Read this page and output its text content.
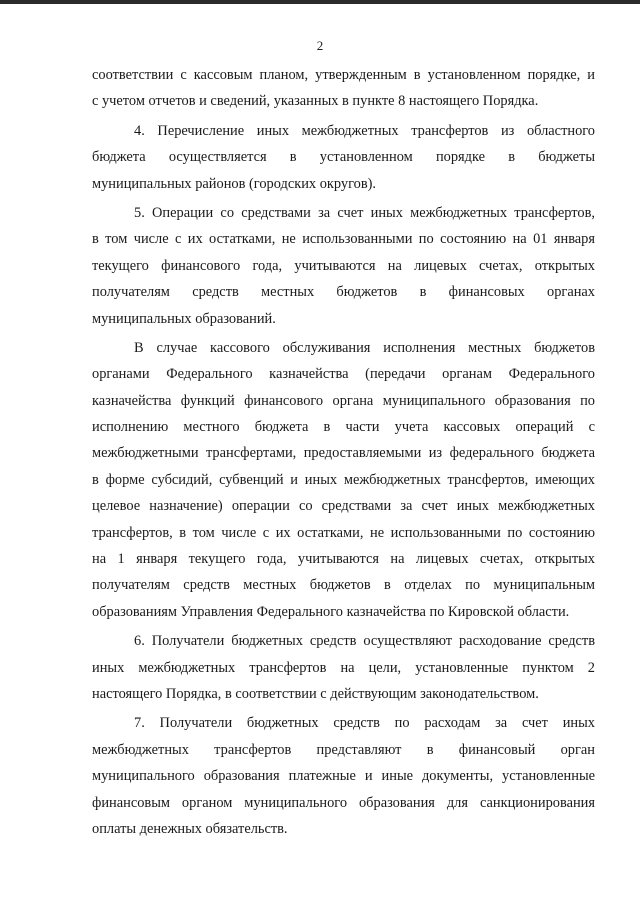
2
соответствии с кассовым планом, утвержденным в установленном порядке, и
с учетом отчетов и сведений, указанных в пункте 8 настоящего Порядка.
4. Перечисление иных межбюджетных трансфертов из областного
бюджета осуществляется в установленном порядке в бюджеты
муниципальных районов (городских округов).
5. Операции со средствами за счет иных межбюджетных трансфертов,
в том числе с их остатками, не использованными по состоянию на 01 января
текущего финансового года, учитываются на лицевых счетах, открытых
получателям средств местных бюджетов в финансовых органах
муниципальных образований.
В случае кассового обслуживания исполнения местных бюджетов
органами Федерального казначейства (передачи органам Федерального
казначейства функций финансового органа муниципального образования по
исполнению местного бюджета в части учета кассовых операций с
межбюджетными трансфертами, предоставляемыми из федерального бюджета
в форме субсидий, субвенций и иных межбюджетных трансфертов, имеющих
целевое назначение) операции со средствами за счет иных межбюджетных
трансфертов, в том числе с их остатками, не использованными по состоянию
на 1 января текущего года, учитываются на лицевых счетах, открытых
получателям средств местных бюджетов в отделах по муниципальным
образованиям Управления Федерального казначейства по Кировской области.
6. Получатели бюджетных средств осуществляют расходование средств
иных межбюджетных трансфертов на цели, установленные пунктом 2
настоящего Порядка, в соответствии с действующим законодательством.
7. Получатели бюджетных средств по расходам за счет иных
межбюджетных трансфертов представляют в финансовый орган
муниципального образования платежные и иные документы, установленные
финансовым органом муниципального образования для санкционирования
оплаты денежных обязательств.
